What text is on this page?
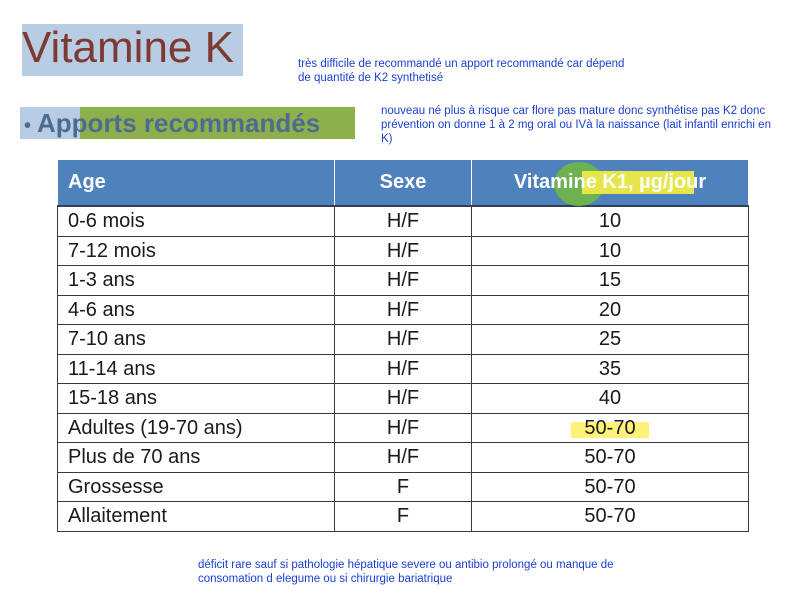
Vitamine K	très difficile de recommandé un apport recommandé car dépend de quantité de K2 synthetisé
• Apports recommandés	nouveau né plus à risque car flore pas mature donc synthétise pas K2 donc prévention on donne 1 à 2 mg oral ou IVà la naissance (lait infantil enrichi en K)
Age	Sexe	Vitamine K1, µg/jour

0-6 mois	H/F	10
7-12 mois	H/F	10
1-3 ans	H/F	15
4-6 ans	H/F	20
7-10 ans	H/F	25
11-14 ans	H/F	35
15-18 ans	H/F	40
Adultes (19-70 ans)	H/F	50-70
Plus de 70 ans	H/F	50-70
Grossesse	F	50-70
Allaitement	F	50-70
déficit rare sauf si pathologie hépatique severe ou antibio prolongé ou manque de consomation d elegume ou si chirurgie bariatrique
